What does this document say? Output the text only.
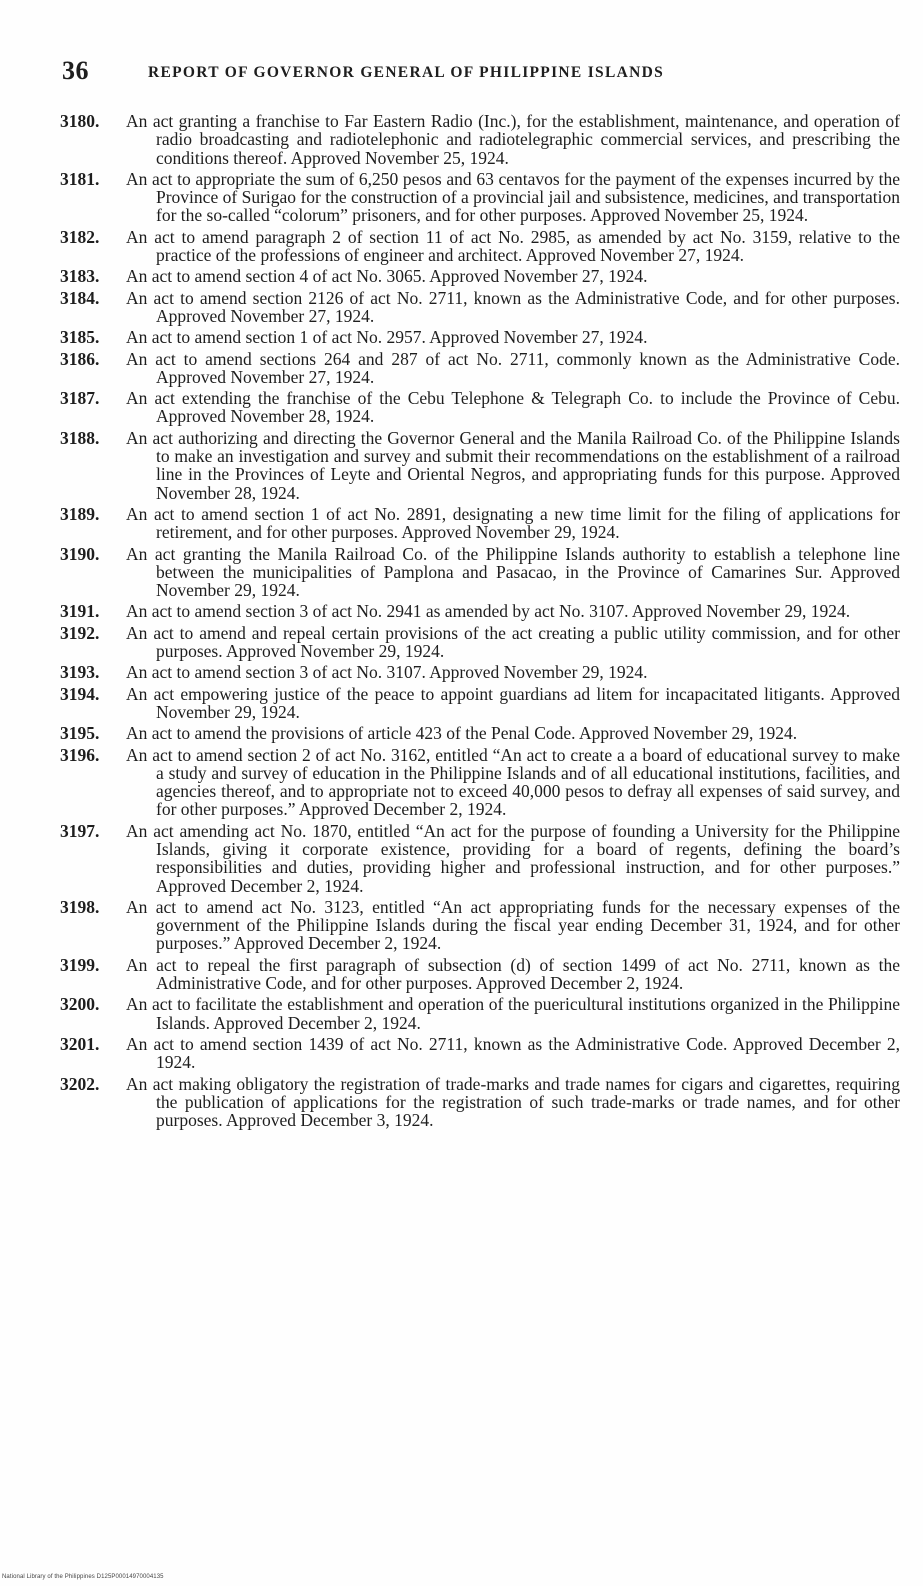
36	REPORT OF GOVERNOR GENERAL OF PHILIPPINE ISLANDS
3180.	An act granting a franchise to Far Eastern Radio (Inc.), for the establishment, maintenance, and operation of radio broadcasting and radiotelephonic and radiotelegraphic commercial services, and prescribing the conditions thereof. Approved November 25, 1924.
3181.	An act to appropriate the sum of 6,250 pesos and 63 centavos for the payment of the expenses incurred by the Province of Surigao for the construction of a provincial jail and subsistence, medicines, and transportation for the so-called “colorum” prisoners, and for other purposes. Approved November 25, 1924.
3182.	An act to amend paragraph 2 of section 11 of act No. 2985, as amended by act No. 3159, relative to the practice of the professions of engineer and architect. Approved November 27, 1924.
3183.	An act to amend section 4 of act No. 3065. Approved November 27, 1924.
3184.	An act to amend section 2126 of act No. 2711, known as the Administrative Code, and for other purposes. Approved November 27, 1924.
3185.	An act to amend section 1 of act No. 2957. Approved November 27, 1924.
3186.	An act to amend sections 264 and 287 of act No. 2711, commonly known as the Administrative Code. Approved November 27, 1924.
3187.	An act extending the franchise of the Cebu Telephone & Telegraph Co. to include the Province of Cebu. Approved November 28, 1924.
3188.	An act authorizing and directing the Governor General and the Manila Railroad Co. of the Philippine Islands to make an investigation and survey and submit their recommendations on the establishment of a railroad line in the Provinces of Leyte and Oriental Negros, and appropriating funds for this purpose. Approved November 28, 1924.
3189.	An act to amend section 1 of act No. 2891, designating a new time limit for the filing of applications for retirement, and for other purposes. Approved November 29, 1924.
3190.	An act granting the Manila Railroad Co. of the Philippine Islands authority to establish a telephone line between the municipalities of Pamplona and Pasacao, in the Province of Camarines Sur. Approved November 29, 1924.
3191.	An act to amend section 3 of act No. 2941 as amended by act No. 3107. Approved November 29, 1924.
3192.	An act to amend and repeal certain provisions of the act creating a public utility commission, and for other purposes. Approved November 29, 1924.
3193.	An act to amend section 3 of act No. 3107. Approved November 29, 1924.
3194.	An act empowering justice of the peace to appoint guardians ad litem for incapacitated litigants. Approved November 29, 1924.
3195.	An act to amend the provisions of article 423 of the Penal Code. Approved November 29, 1924.
3196.	An act to amend section 2 of act No. 3162, entitled “An act to create a a board of educational survey to make a study and survey of education in the Philippine Islands and of all educational institutions, facilities, and agencies thereof, and to appropriate not to exceed 40,000 pesos to defray all expenses of said survey, and for other purposes.” Approved December 2, 1924.
3197.	An act amending act No. 1870, entitled “An act for the purpose of founding a University for the Philippine Islands, giving it corporate existence, providing for a board of regents, defining the board’s responsibilities and duties, providing higher and professional instruction, and for other purposes.” Approved December 2, 1924.
3198.	An act to amend act No. 3123, entitled “An act appropriating funds for the necessary expenses of the government of the Philippine Islands during the fiscal year ending December 31, 1924, and for other purposes.” Approved December 2, 1924.
3199.	An act to repeal the first paragraph of subsection (d) of section 1499 of act No. 2711, known as the Administrative Code, and for other purposes. Approved December 2, 1924.
3200.	An act to facilitate the establishment and operation of the puericultural institutions organized in the Philippine Islands. Approved December 2, 1924.
3201.	An act to amend section 1439 of act No. 2711, known as the Administrative Code. Approved December 2, 1924.
3202.	An act making obligatory the registration of trade-marks and trade names for cigars and cigarettes, requiring the publication of applications for the registration of such trade-marks or trade names, and for other purposes. Approved December 3, 1924.
National Library of the Philippines D125P00014970004135
